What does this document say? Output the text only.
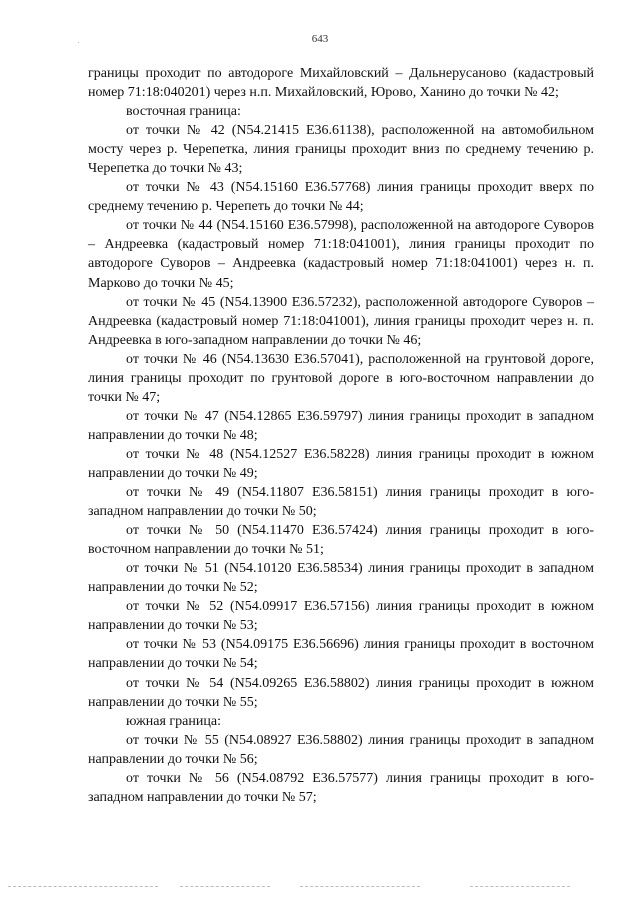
643

границы проходит по автодороге Михайловский – Дальнерусаново (кадастровый номер 71:18:040201) через н.п. Михайловский, Юрово, Ханино до точки № 42;

восточная граница:

от точки № 42 (N54.21415 E36.61138), расположенной на автомобильном мосту через р. Черепетка, линия границы проходит вниз по среднему течению р. Черепетка до точки № 43;

от точки № 43 (N54.15160 E36.57768) линия границы проходит вверх по среднему течению р. Черепеть до точки № 44;

от точки № 44 (N54.15160 E36.57998), расположенной на автодороге Суворов – Андреевка (кадастровый номер 71:18:041001), линия границы проходит по автодороге Суворов – Андреевка (кадастровый номер 71:18:041001) через н. п. Марково до точки № 45;

от точки № 45 (N54.13900 E36.57232), расположенной автодороге Суворов – Андреевка (кадастровый номер 71:18:041001), линия границы проходит через н. п. Андреевка в юго-западном направлении до точки № 46;

от точки № 46 (N54.13630 E36.57041), расположенной на грунтовой дороге, линия границы проходит по грунтовой дороге в юго-восточном направлении до точки № 47;

от точки № 47 (N54.12865 E36.59797) линия границы проходит в западном направлении до точки № 48;

от точки № 48 (N54.12527 E36.58228) линия границы проходит в южном направлении до точки № 49;

от точки № 49 (N54.11807 E36.58151) линия границы проходит в юго-западном направлении до точки № 50;

от точки № 50 (N54.11470 E36.57424) линия границы проходит в юго-восточном направлении до точки № 51;

от точки № 51 (N54.10120 E36.58534) линия границы проходит в западном направлении до точки № 52;

от точки № 52 (N54.09917 E36.57156) линия границы проходит в южном направлении до точки № 53;

от точки № 53 (N54.09175 E36.56696) линия границы проходит в восточном направлении до точки № 54;

от точки № 54 (N54.09265 E36.58802) линия границы проходит в южном направлении до точки № 55;

южная граница:

от точки № 55 (N54.08927 E36.58802) линия границы проходит в западном направлении до точки № 56;

от точки № 56 (N54.08792 E36.57577) линия границы проходит в юго-западном направлении до точки № 57;
